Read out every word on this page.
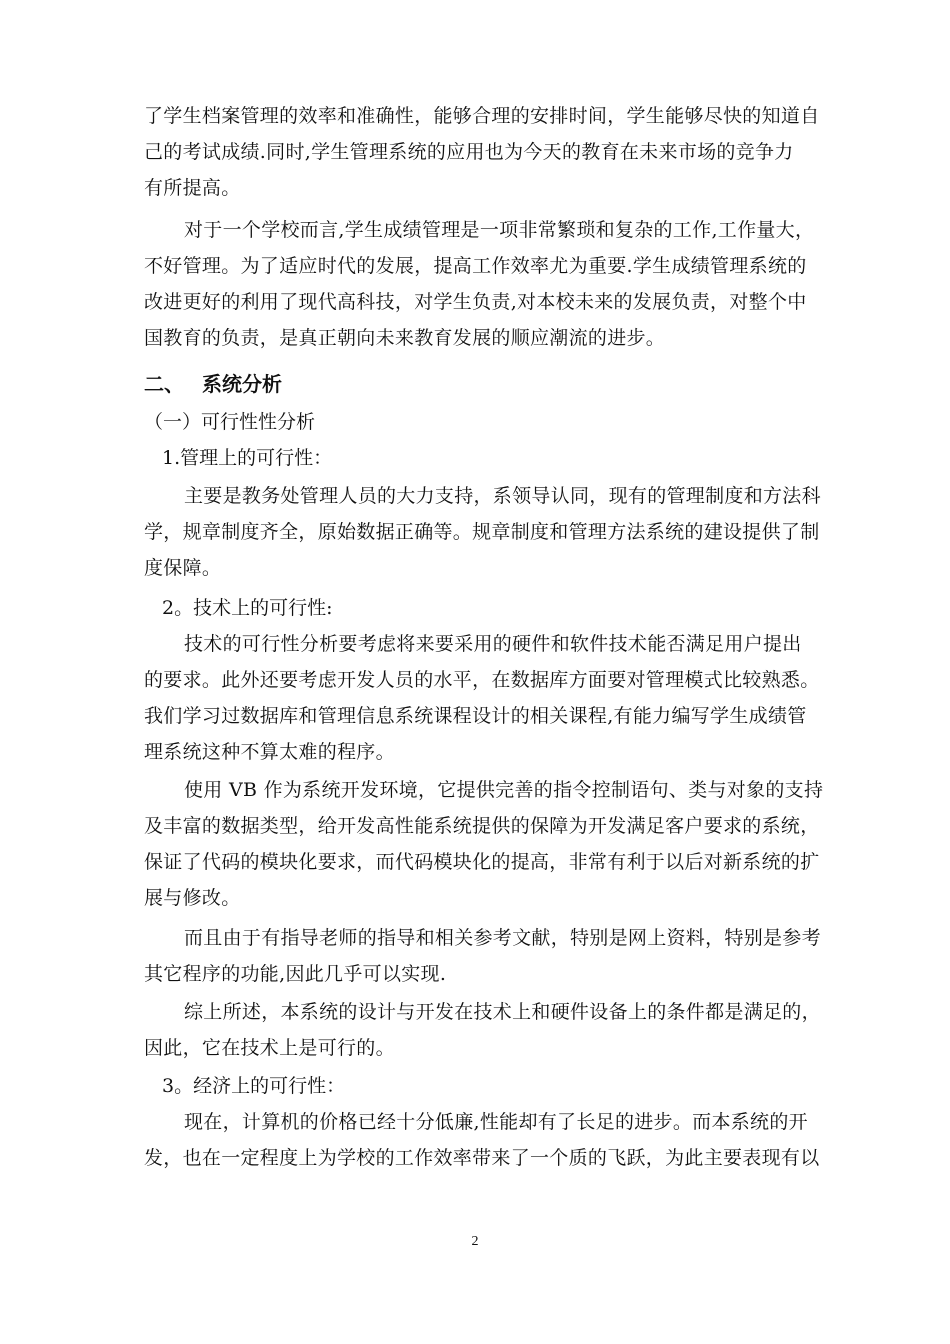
了学生档案管理的效率和准确性，能够合理的安排时间，学生能够尽快的知道自
己的考试成绩.同时,学生管理系统的应用也为今天的教育在未来市场的竞争力
有所提高。
对于一个学校而言,学生成绩管理是一项非常繁琐和复杂的工作,工作量大，
不好管理。为了适应时代的发展，提高工作效率尤为重要.学生成绩管理系统的
改进更好的利用了现代高科技，对学生负责,对本校未来的发展负责，对整个中
国教育的负责，是真正朝向未来教育发展的顺应潮流的进步。
二、 系统分析
（一）可行性性分析
1.管理上的可行性：
主要是教务处管理人员的大力支持，系领导认同，现有的管理制度和方法科
学，规章制度齐全，原始数据正确等。规章制度和管理方法系统的建设提供了制
度保障。
2。技术上的可行性:
技术的可行性分析要考虑将来要采用的硬件和软件技术能否满足用户提出
的要求。此外还要考虑开发人员的水平，在数据库方面要对管理模式比较熟悉。
我们学习过数据库和管理信息系统课程设计的相关课程,有能力编写学生成绩管
理系统这种不算太难的程序。
使用 VB 作为系统开发环境，它提供完善的指令控制语句、类与对象的支持
及丰富的数据类型，给开发高性能系统提供的保障为开发满足客户要求的系统，
保证了代码的模块化要求，而代码模块化的提高，非常有利于以后对新系统的扩
展与修改。
而且由于有指导老师的指导和相关参考文献，特别是网上资料，特别是参考
其它程序的功能,因此几乎可以实现.
综上所述，本系统的设计与开发在技术上和硬件设备上的条件都是满足的，
因此，它在技术上是可行的。
3。经济上的可行性：
现在，计算机的价格已经十分低廉,性能却有了长足的进步。而本系统的开
发，也在一定程度上为学校的工作效率带来了一个质的飞跃，为此主要表现有以
2
